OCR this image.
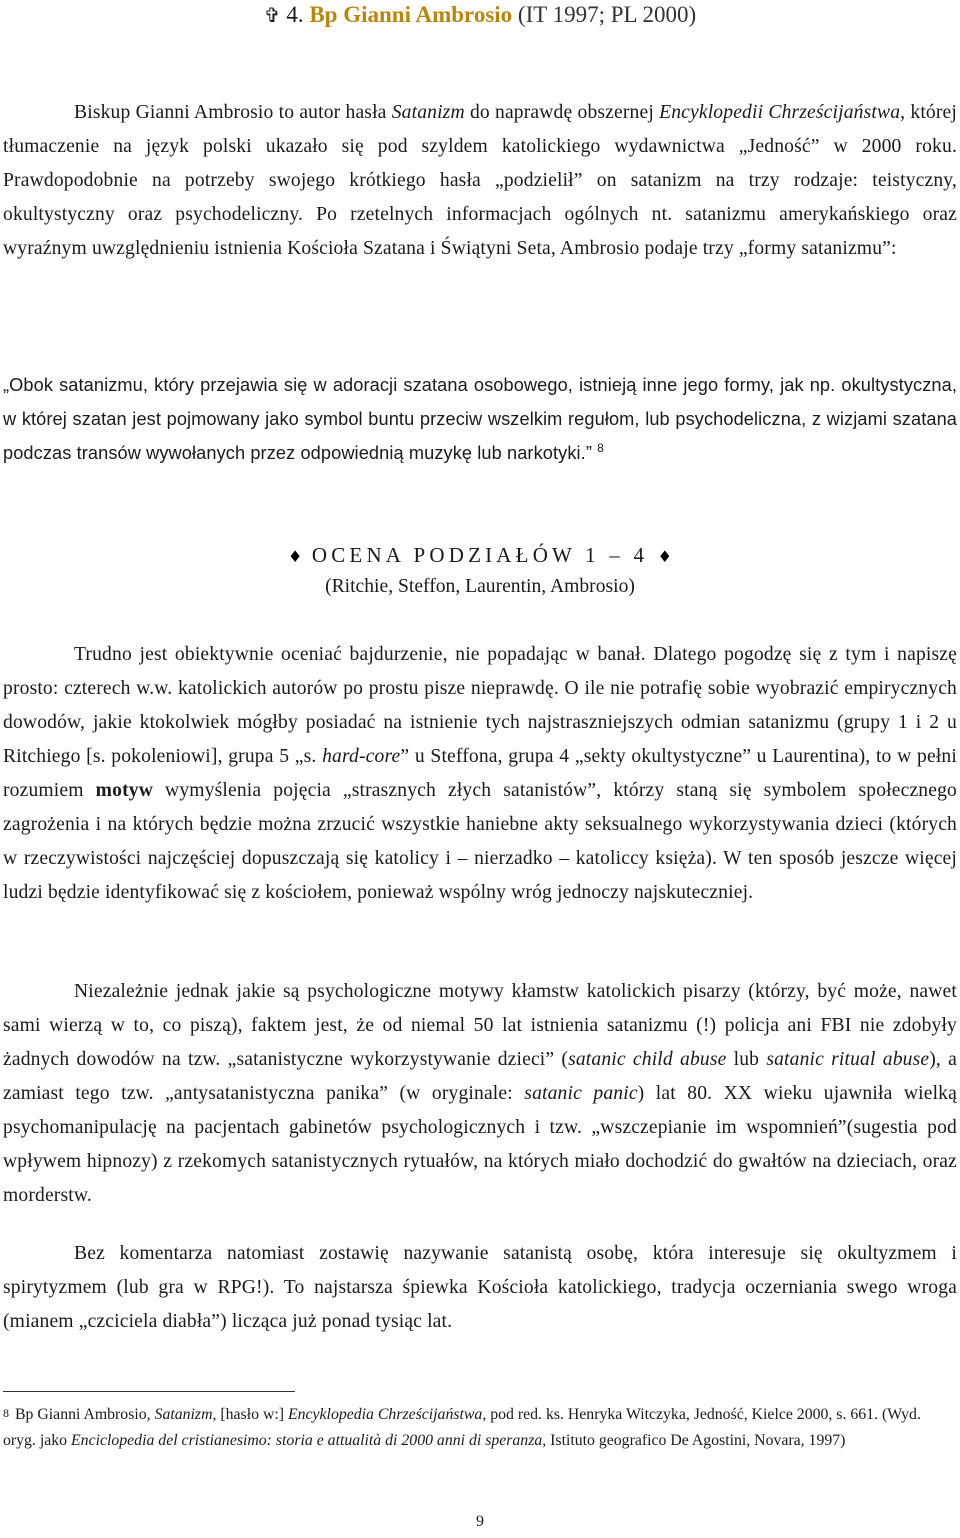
✞ 4. Bp Gianni Ambrosio (IT 1997; PL 2000)

Biskup Gianni Ambrosio to autor hasła Satanizm do naprawdę obszernej Encyklopedii Chrześcijaństwa, której tłumaczenie na język polski ukazało się pod szyldem katolickiego wydawnictwa „Jedność” w 2000 roku. Prawdopodobnie na potrzeby swojego krótkiego hasła „podzielił” on satanizm na trzy rodzaje: teistyczny, okultystyczny oraz psychodeliczny. Po rzetelnych informacjach ogólnych nt. satanizmu amerykańskiego oraz wyraźnym uwzględnieniu istnienia Kościoła Szatana i Świątyni Seta, Ambrosio podaje trzy „formy satanizmu”:

„Obok satanizmu, który przejawia się w adoracji szatana osobowego, istnieją inne jego formy, jak np. okultystyczna, w której szatan jest pojmowany jako symbol buntu przeciw wszelkim regułom, lub psychodeliczna, z wizjami szatana podczas transów wywołanych przez odpowiednią muzykę lub narkotyki.” $^8$

♦ OCENA PODZIAŁÓW 1 – 4 ♦
(Ritchie, Steffon, Laurentin, Ambrosio)

Trudno jest obiektywnie oceniać bajdurzenie, nie popadając w banał. Dlatego pogodzę się z tym i napiszę prosto: czterech w.w. katolickich autorów po prostu pisze nieprawdę. O ile nie potrafię sobie wyobrazić empirycznych dowodów, jakie ktokolwiek mógłby posiadać na istnienie tych najstraszniejszych odmian satanizmu (grupy 1 i 2 u Ritchiego [s. pokoleniowi], grupa 5 „s. hard-core” u Steffona, grupa 4 „sekty okultystyczne” u Laurentina), to w pełni rozumiem motyw wymyślenia pojęcia „strasznych złych satanistów”, którzy staną się symbolem społecznego zagrożenia i na których będzie można zrzucić wszystkie haniebne akty seksualnego wykorzystywania dzieci (których w rzeczywistości najczęściej dopuszczają się katolicy i – nierzadko – katoliccy księża). W ten sposób jeszcze więcej ludzi będzie identyfikować się z kościołem, ponieważ wspólny wróg jednoczy najskuteczniej.

Niezależnie jednak jakie są psychologiczne motywy kłamstw katolickich pisarzy (którzy, być może, nawet sami wierzą w to, co piszą), faktem jest, że od niemal 50 lat istnienia satanizmu (!) policja ani FBI nie zdobyły żadnych dowodów na tzw. „satanistyczne wykorzystywanie dzieci” (satanic child abuse lub satanic ritual abuse), a zamiast tego tzw. „antysatanistyczna panika” (w oryginale: satanic panic) lat 80. XX wieku ujawniła wielką psychomanipulację na pacjentach gabinetów psychologicznych i tzw. „wszczepianie im wspomnień”(sugestia pod wpływem hipnozy) z rzekomych satanistycznych rytuałów, na których miało dochodzić do gwałtów na dzieciach, oraz morderstw.

Bez komentarza natomiast zostawię nazywanie satanistą osobę, która interesuje się okultyzmem i spirytyzmem (lub gra w RPG!). To najstarsza śpiewka Kościoła katolickiego, tradycja oczerniania swego wroga (mianem „czciciela diabła”) licząca już ponad tysiąc lat.

8 Bp Gianni Ambrosio, Satanizm, [hasło w:] Encyklopedia Chrześcijaństwa, pod red. ks. Henryka Witczyka, Jedność, Kielce 2000, s. 661. (Wyd. oryg. jako Enciclopedia del cristianesimo: storia e attualità di 2000 anni di speranza, Istituto geografico De Agostini, Novara, 1997)

9
